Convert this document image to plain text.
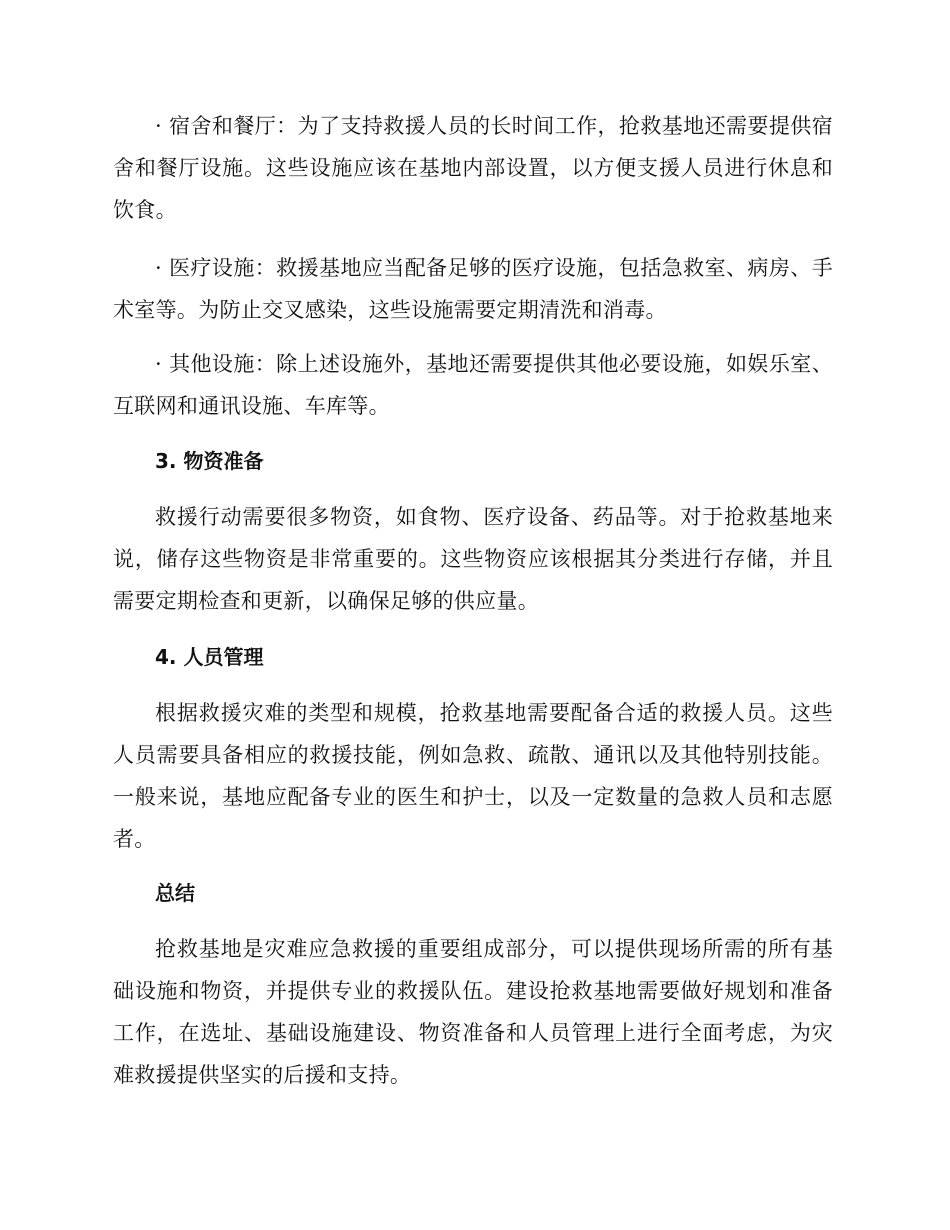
· 宿舍和餐厅：为了支持救援人员的长时间工作，抢救基地还需要提供宿舍和餐厅设施。这些设施应该在基地内部设置，以方便支援人员进行休息和饮食。

· 医疗设施：救援基地应当配备足够的医疗设施，包括急救室、病房、手术室等。为防止交叉感染，这些设施需要定期清洗和消毒。

· 其他设施：除上述设施外，基地还需要提供其他必要设施，如娱乐室、互联网和通讯设施、车库等。

3. 物资准备

救援行动需要很多物资，如食物、医疗设备、药品等。对于抢救基地来说，储存这些物资是非常重要的。这些物资应该根据其分类进行存储，并且需要定期检查和更新，以确保足够的供应量。

4. 人员管理

根据救援灾难的类型和规模，抢救基地需要配备合适的救援人员。这些人员需要具备相应的救援技能，例如急救、疏散、通讯以及其他特别技能。一般来说，基地应配备专业的医生和护士，以及一定数量的急救人员和志愿者。

总结

抢救基地是灾难应急救援的重要组成部分，可以提供现场所需的所有基础设施和物资，并提供专业的救援队伍。建设抢救基地需要做好规划和准备工作，在选址、基础设施建设、物资准备和人员管理上进行全面考虑，为灾难救援提供坚实的后援和支持。
